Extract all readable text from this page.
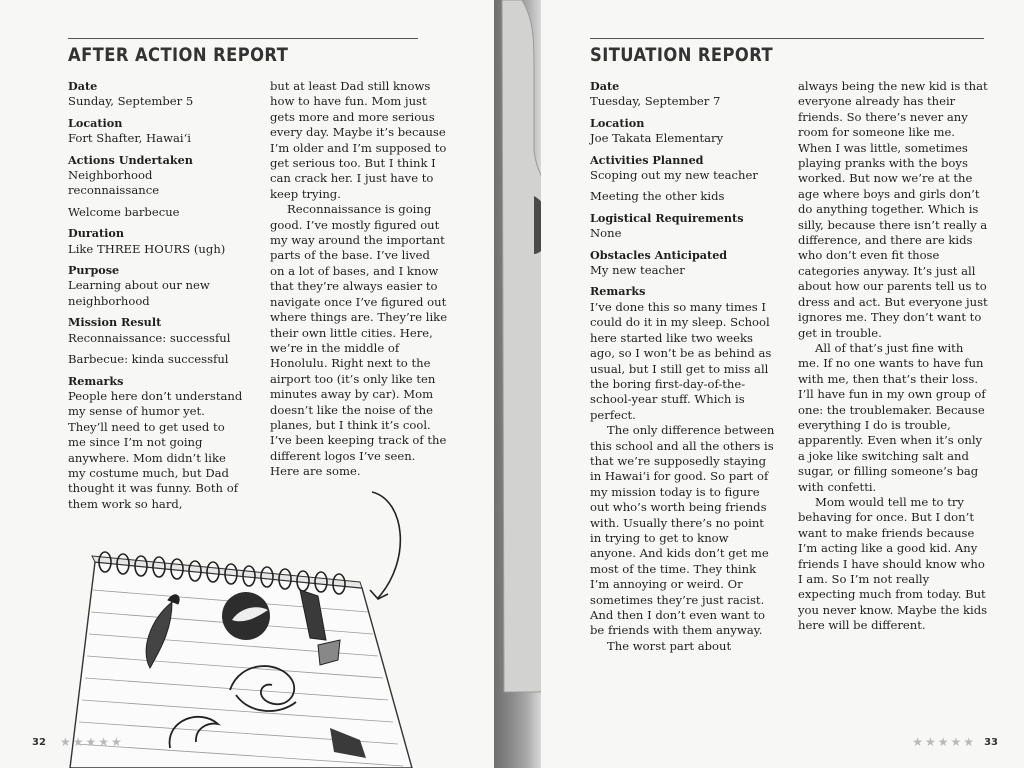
AFTER ACTION REPORT
Date
Sunday, September 5
Location
Fort Shafter, Hawaiʻi
Actions Undertaken
Neighborhood reconnaissance
Welcome barbecue
Duration
Like THREE HOURS (ugh)
Purpose
Learning about our new neighborhood
Mission Result
Reconnaissance: successful
Barbecue: kinda successful
Remarks

People here don’t understand my sense of humor yet. They’ll need to get used to me since I’m not going anywhere. Mom didn’t like my costume much, but Dad thought it was funny. Both of them work so hard,

but at least Dad still knows how to have fun. Mom just gets more and more serious every day. Maybe it’s because I’m older and I’m supposed to get serious too. But I think I can crack her. I just have to keep trying.

Reconnaissance is going good. I’ve mostly figured out my way around the important parts of the base. I’ve lived on a lot of bases, and I know that they’re always easier to navigate once I’ve figured out where things are. They’re like their own little cities. Here, we’re in the middle of Honolulu. Right next to the airport too (it’s only like ten minutes away by car). Mom doesn’t like the noise of the planes, but I think it’s cool. I’ve been keeping track of the different logos I’ve seen. Here are some.

32 ★★★★★
SITUATION REPORT
Date
Tuesday, September 7
Location
Joe Takata Elementary
Activities Planned
Scoping out my new teacher
Meeting the other kids
Logistical Requirements
None
Obstacles Anticipated
My new teacher
Remarks

I’ve done this so many times I could do it in my sleep. School here started like two weeks ago, so I won’t be as behind as usual, but I still get to miss all the boring first-day-of-the-school-year stuff. Which is perfect.

The only difference between this school and all the others is that we’re supposedly staying in Hawaiʻi for good. So part of my mission today is to figure out who’s worth being friends with. Usually there’s no point in trying to get to know anyone. And kids don’t get me most of the time. They think I’m annoying or weird. Or sometimes they’re just racist. And then I don’t even want to be friends with them anyway.

The worst part about

always being the new kid is that everyone already has their friends. So there’s never any room for someone like me. When I was little, sometimes playing pranks with the boys worked. But now we’re at the age where boys and girls don’t do anything together. Which is silly, because there isn’t really a difference, and there are kids who don’t even fit those categories anyway. It’s just all about how our parents tell us to dress and act. But everyone just ignores me. They don’t want to get in trouble.

All of that’s just fine with me. If no one wants to have fun with me, then that’s their loss. I’ll have fun in my own group of one: the troublemaker. Because everything I do is trouble, apparently. Even when it’s only a joke like switching salt and sugar, or filling someone’s bag with confetti.

Mom would tell me to try behaving for once. But I don’t want to make friends because I’m acting like a good kid. Any friends I have should know who I am. So I’m not really expecting much from today. But you never know. Maybe the kids here will be different.

★★★★★ 33
